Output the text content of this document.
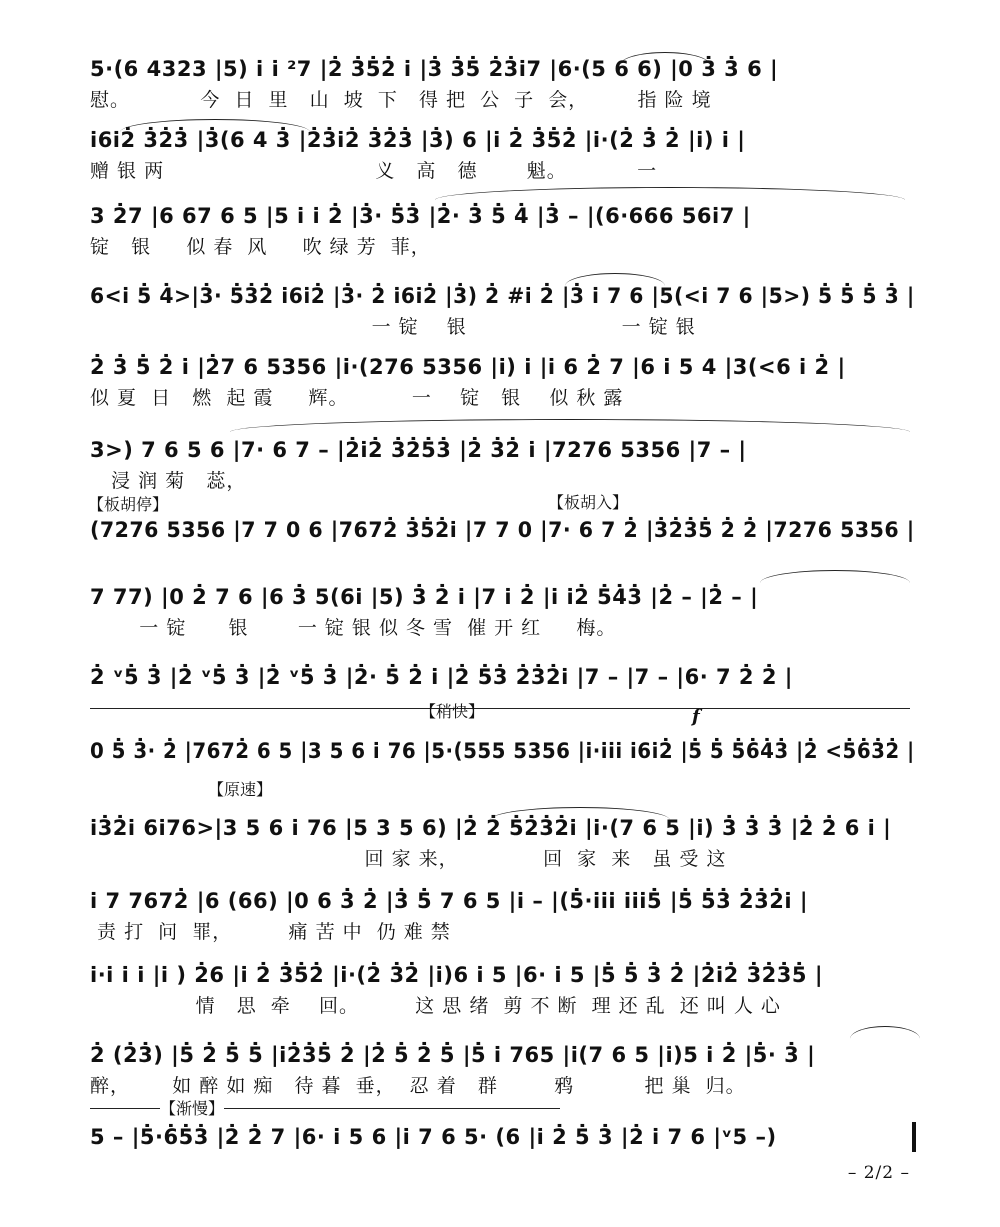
5·(6 4323 |5) i̇ i̇ ²7 |2̇ 3̇5̇2̇ i̇ |3̇ 3̇5̇ 2̇3̇i̇7 |6·(5 6 6) |0 3̇ 3̇ 6 |
慰。          今  日  里   山  坡  下   得 把  公  子  会，       指 险 境
i̇6i̇2̇ 3̇2̇3̇ |3̇(6 4 3̇ |2̇3̇i̇2̇ 3̇2̇3̇ |3̇) 6 |i̇ 2̇ 3̇5̇2̇ |i̇·(2̇ 3̇ 2̇ |i̇) i̇ |
赠 银 两                              义   高   德       魁。          一
3 2̇7 |6 67 6 5 |5 i̇ i̇ 2̇ |3̇· 5̇3̇ |2̇· 3̇ 5̇ 4̇ |3̇ – |(6·666 56i̇7 |
锭   银     似 春  风     吹 绿 芳  菲，
6<i̇ 5̇ 4̇>|3̇· 5̇3̇2̇ i̇6i̇2̇ |3̇· 2̇ i̇6i̇2̇ |3̇) 2̇ #i̇ 2̇ |3̇ i̇ 7 6 |5(<i̇ 7 6 |5>) 5̇ 5̇ 5̇ 3̇ |
一 锭    银                      一 锭 银
2̇ 3̇ 5̇ 2̇ i̇ |2̇7 6 5356 |i̇·(276 5356 |i̇) i̇ |i̇ 6 2̇ 7 |6 i̇ 5 4 |3(<6 i̇ 2̇ |
似 夏  日   燃  起 霞     辉。         一    锭   银    似 秋 露
3>) 7 6 5 6 |7· 6 7 – |2̇i̇2̇ 3̇2̇5̇3̇ |2̇ 3̇2̇ i̇ |7276 5356 |7 – |
浸 润 菊   蕊，
【板胡停】	【板胡入】
(7276 5356 |7 7 0 6 |7672̇ 3̇5̇2̇i̇ |7 7 0 |7· 6 7 2̇ |3̇2̇3̇5̇ 2̇ 2̇ |7276 5356 |
7 77) |0 2̇ 7 6 |6 3̇ 5(6i̇ |5) 3̇ 2̇ i̇ |7 i̇ 2̇ |i̇ i̇2̇ 5̇4̇3̇ |2̇ – |2̇ – |
一 锭      银       一 锭 银 似 冬 雪  催 开 红     梅。
2̇ ᵛ5̇ 3̇ |2̇ ᵛ5̇ 3̇ |2̇ ᵛ5̇ 3̇ |2̇· 5̇ 2̇ i̇ |2̇ 5̇3̇ 2̇3̇2̇i̇ |7 – |7 – |6· 7 2̇ 2̇ |
【稍快】	f
0 5̇ 3̇· 2̇ |7672̇ 6 5 |3 5 6 i̇ 76 |5·(555 5356 |i̇·i̇i̇i̇ i̇6i̇2̇ |5̇ 5̇ 5̇6̇4̇3̇ |2̇ <5̇6̇3̇2̇ |
【原速】
i̇3̇2̇i̇ 6i̇76>|3 5 6 i̇ 76 |5 3 5 6) |2̇ 2̇ 5̇2̇3̇2̇i̇ |i̇·(7 6 5 |i̇) 3̇ 3̇ 3̇ |2̇ 2̇ 6 i̇ |
回 家 来，            回  家  来   虽 受 这
i̇ 7 7672̇ |6 (66) |0 6 3̇ 2̇ |3̇ 5̇ 7 6 5 |i̇ – |(5̇·i̇i̇i̇ i̇i̇i̇5̇ |5̇ 5̇3̇ 2̇3̇2̇i̇ |
责 打  问  罪，        痛 苦 中  仍 难 禁
i̇·i̇ i̇ i̇ |i̇ ) 2̇6 |i̇ 2̇ 3̇5̇2̇ |i̇·(2̇ 3̇2̇ |i̇)6 i̇ 5 |6· i̇ 5 |5̇ 5̇ 3̇ 2̇ |2̇i̇2̇ 3̇2̇3̇5̇ |
情   思  牵    回。        这 思 绪  剪 不 断  理 还 乱  还 叫 人 心
2̇ (2̇3̇) |5̇ 2̇ 5̇ 5̇ |i̇2̇3̇5̇ 2̇ |2̇ 5̇ 2̇ 5̇ |5̇ i̇ 765 |i̇(7 6 5 |i̇)5 i̇ 2̇ |5̇· 3̇ |
醉，      如 醉 如 痴   待 暮  垂，  忍 着   群        鸦          把 巢  归。
【渐慢】
5 – |5̇·6̇5̇3̇ |2̇ 2̇ 7 |6· i̇ 5 6 |i̇ 7 6 5· (6 |i̇ 2̇ 5̇ 3̇ |2̇ i̇ 7 6 |ᵛ5 –)
– 2/2 –
